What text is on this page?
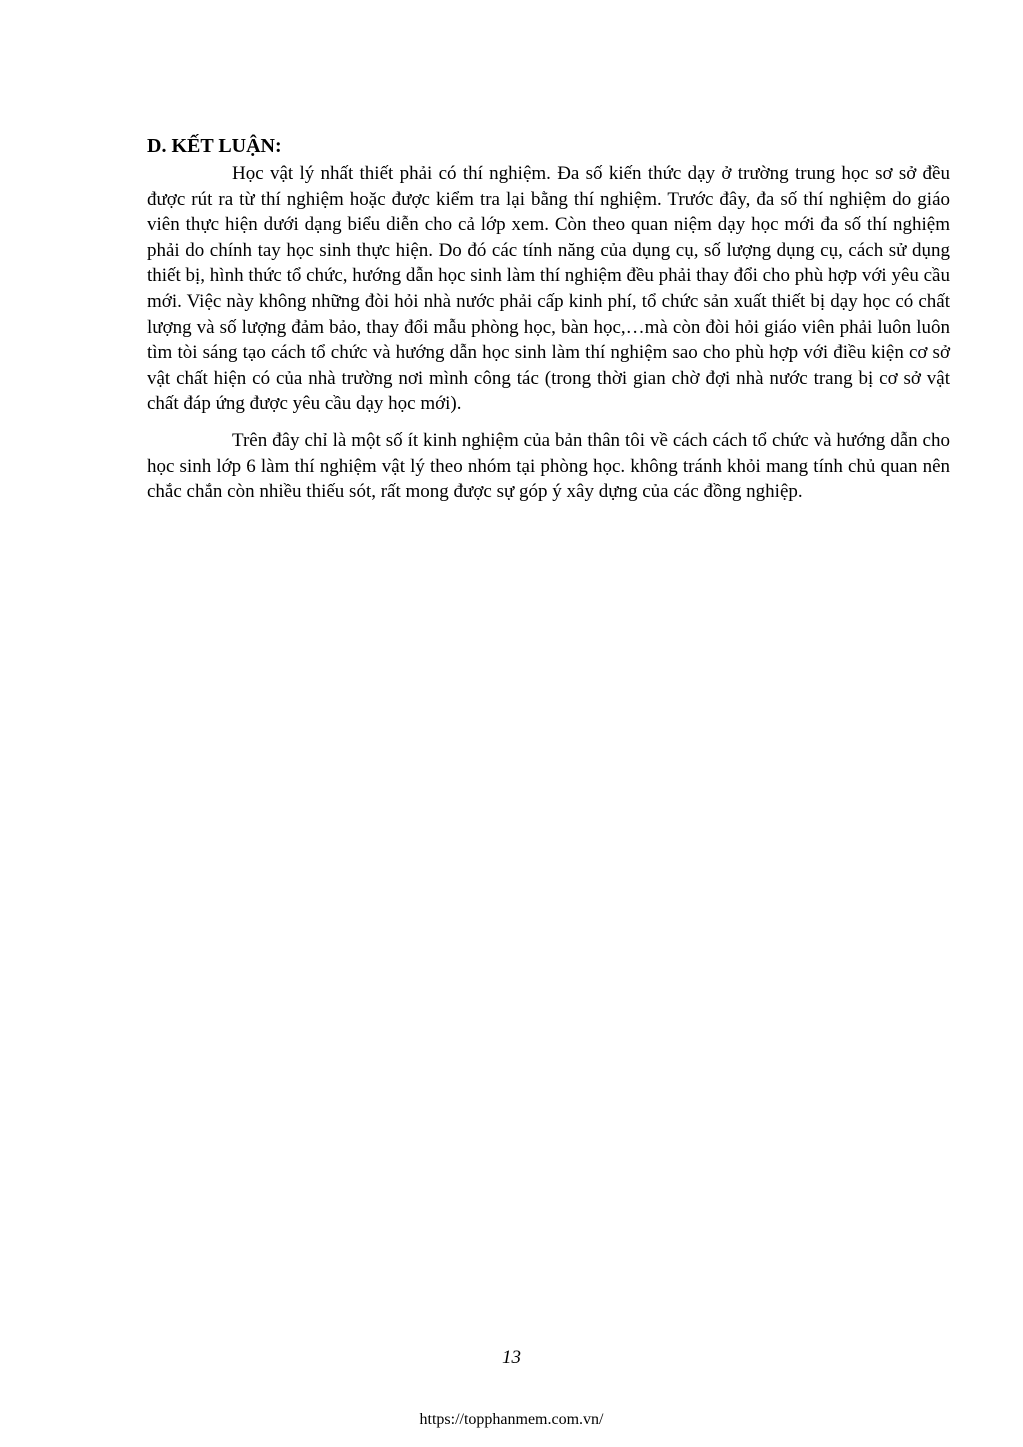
D. KẾT LUẬN:

Học vật lý nhất thiết phải có thí nghiệm. Đa số kiến thức dạy ở trường trung học sơ sở đều được rút ra từ thí nghiệm hoặc được kiểm tra lại bằng thí nghiệm. Trước đây, đa số thí nghiệm do giáo viên thực hiện dưới dạng biểu diễn cho cả lớp xem. Còn theo quan niệm dạy học mới đa số thí nghiệm phải do chính tay học sinh thực hiện. Do đó các tính năng của dụng cụ, số lượng dụng cụ, cách sử dụng thiết bị, hình thức tổ chức, hướng dẫn học sinh làm thí nghiệm đều phải thay đổi cho phù hợp với yêu cầu mới. Việc này không những đòi hỏi nhà nước phải cấp kinh phí, tổ chức sản xuất thiết bị dạy học có chất lượng và số lượng đảm bảo, thay đổi mẫu phòng học, bàn học,…mà còn đòi hỏi giáo viên phải luôn luôn tìm tòi sáng tạo cách tổ chức và hướng dẫn học sinh làm thí nghiệm sao cho phù hợp với điều kiện cơ sở vật chất hiện có của nhà trường nơi mình công tác (trong thời gian chờ đợi nhà nước trang bị cơ sở vật chất đáp ứng được yêu cầu dạy học mới).

Trên đây chỉ là một số ít kinh nghiệm của bản thân tôi về cách cách tổ chức và hướng dẫn cho học sinh lớp 6 làm thí nghiệm vật lý theo nhóm tại phòng học. không tránh khỏi mang tính chủ quan nên chắc chắn còn nhiều thiếu sót, rất mong được sự góp ý xây dựng của các đồng nghiệp.

13
https://topphanmem.com.vn/
